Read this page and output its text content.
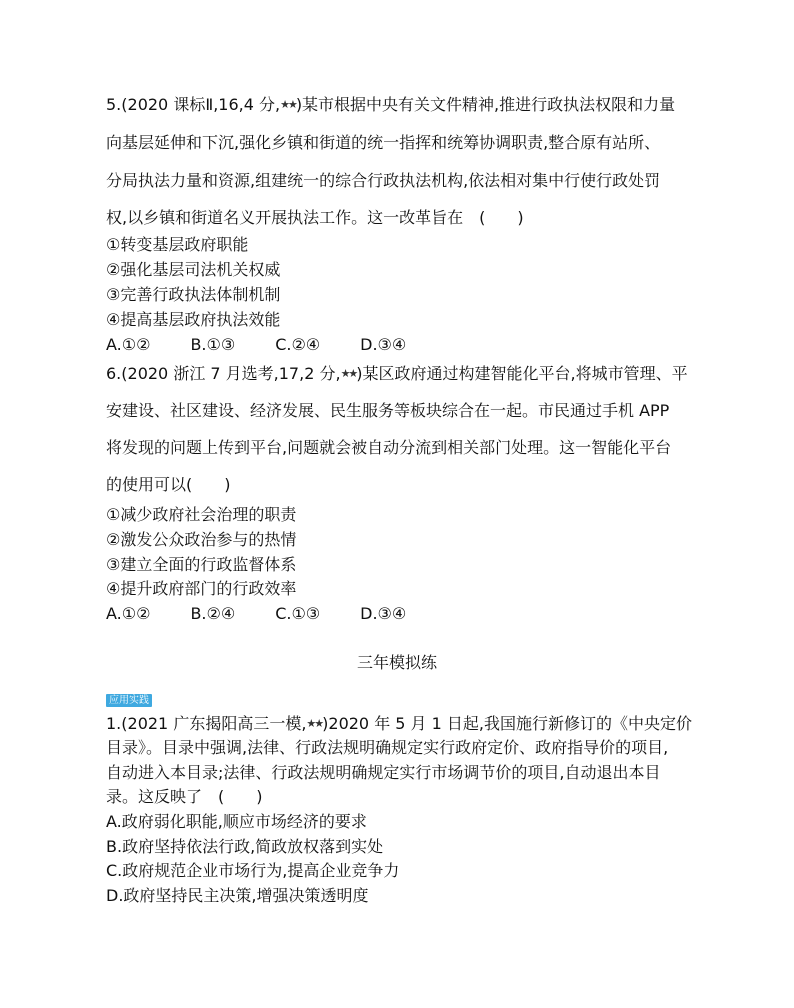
5.(2020 课标Ⅱ,16,4 分,★★)某市根据中央有关文件精神,推进行政执法权限和力量
向基层延伸和下沉,强化乡镇和街道的统一指挥和统筹协调职责,整合原有站所、
分局执法力量和资源,组建统一的综合行政执法机构,依法相对集中行使行政处罚
权,以乡镇和街道名义开展执法工作。这一改革旨在　(　　)
①转变基层政府职能
②强化基层司法机关权威
③完善行政执法体制机制
④提高基层政府执法效能
A.①②	B.①③	C.②④	D.③④
6.(2020 浙江 7 月选考,17,2 分,★★)某区政府通过构建智能化平台,将城市管理、平
安建设、社区建设、经济发展、民生服务等板块综合在一起。市民通过手机 APP
将发现的问题上传到平台,问题就会被自动分流到相关部门处理。这一智能化平台
的使用可以(　　)
①减少政府社会治理的职责
②激发公众政治参与的热情
③建立全面的行政监督体系
④提升政府部门的行政效率
A.①②	B.②④	C.①③	D.③④
三年模拟练
应用实践
1.(2021 广东揭阳高三一模,★★)2020 年 5 月 1 日起,我国施行新修订的《中央定价
目录》。目录中强调,法律、行政法规明确规定实行政府定价、政府指导价的项目,
自动进入本目录;法律、行政法规明确规定实行市场调节价的项目,自动退出本目
录。这反映了　(　　)
A.政府弱化职能,顺应市场经济的要求
B.政府坚持依法行政,简政放权落到实处
C.政府规范企业市场行为,提高企业竞争力
D.政府坚持民主决策,增强决策透明度
